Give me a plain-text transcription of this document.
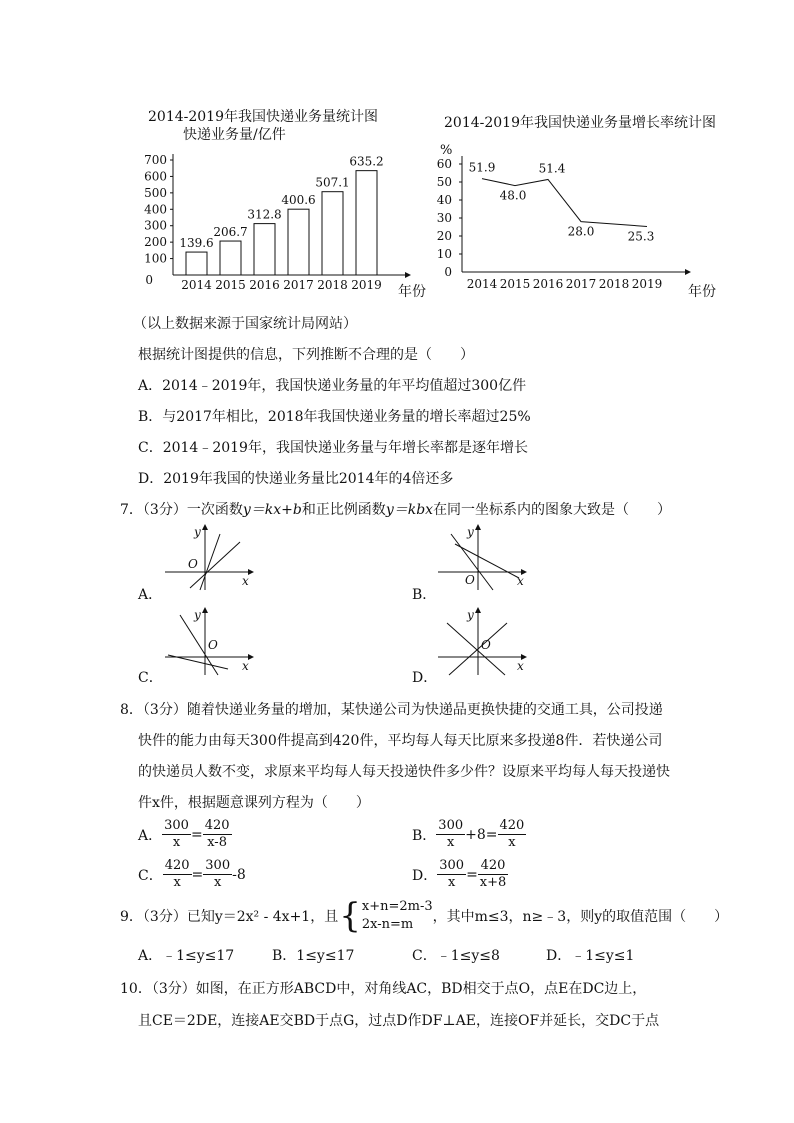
2014-2019年我国快递业务量统计图
快递业务量/亿件
0
100
200
300
400
500
600
700
139.6
2014
206.7
2015
312.8
2016
400.6
2017
507.1
2018
635.2
2019 年份
2014-2019年我国快递业务量增长率统计图
%
0
10
20
30
40
50
60
2014 2015 2016 2017 2018 2019
51.9
48.0
51.4
28.0	25.3
年份
（以上数据来源于国家统计局网站）
根据统计图提供的信息，下列推断不合理的是（　　）
A．2014﹣2019年，我国快递业务量的年平均值超过300亿件
B．与2017年相比，2018年我国快递业务量的增长率超过25%
C．2014﹣2019年，我国快递业务量与年增长率都是逐年增长
D．2019年我国的快递业务量比2014年的4倍还多
7．（3分）一次函数y＝kx+b和正比例函数y＝kbx在同一坐标系内的图象大致是（　　）
A．
y
x
O
B．
y
x
O
C．
y
x
O
D．
y
x
O
8．（3分）随着快递业务量的增加，某快递公司为快递品更换快捷的交通工具，公司投递
快件的能力由每天300件提高到420件，平均每人每天比原来多投递8件．若快递公司
的快递员人数不变，求原来平均每人每天投递快件多少件？设原来平均每人每天投递快
件x件，根据题意课列方程为（　　）
A． $\frac{300}{x} = \frac{420}{x-8}$	B． $\frac{300}{x} +8= \frac{420}{x}$
C． $\frac{420}{x} = \frac{300}{x} -8$	D． $\frac{300}{x} = \frac{420}{x+8}$
9．（3分）已知y＝2x² ‑ 4x+1，且 { x+n=2m-3
2x-n=m	，其中m≤3，n≥﹣3，则y的取值范围（　　）
A．﹣1≤y≤17	B．1≤y≤17	C．﹣1≤y≤8	D．﹣1≤y≤1
10．（3分）如图，在正方形ABCD中，对角线AC，BD相交于点O，点E在DC边上，
且CE＝2DE，连接AE交BD于点G，过点D作DF⊥AE，连接OF并延长，交DC于点
